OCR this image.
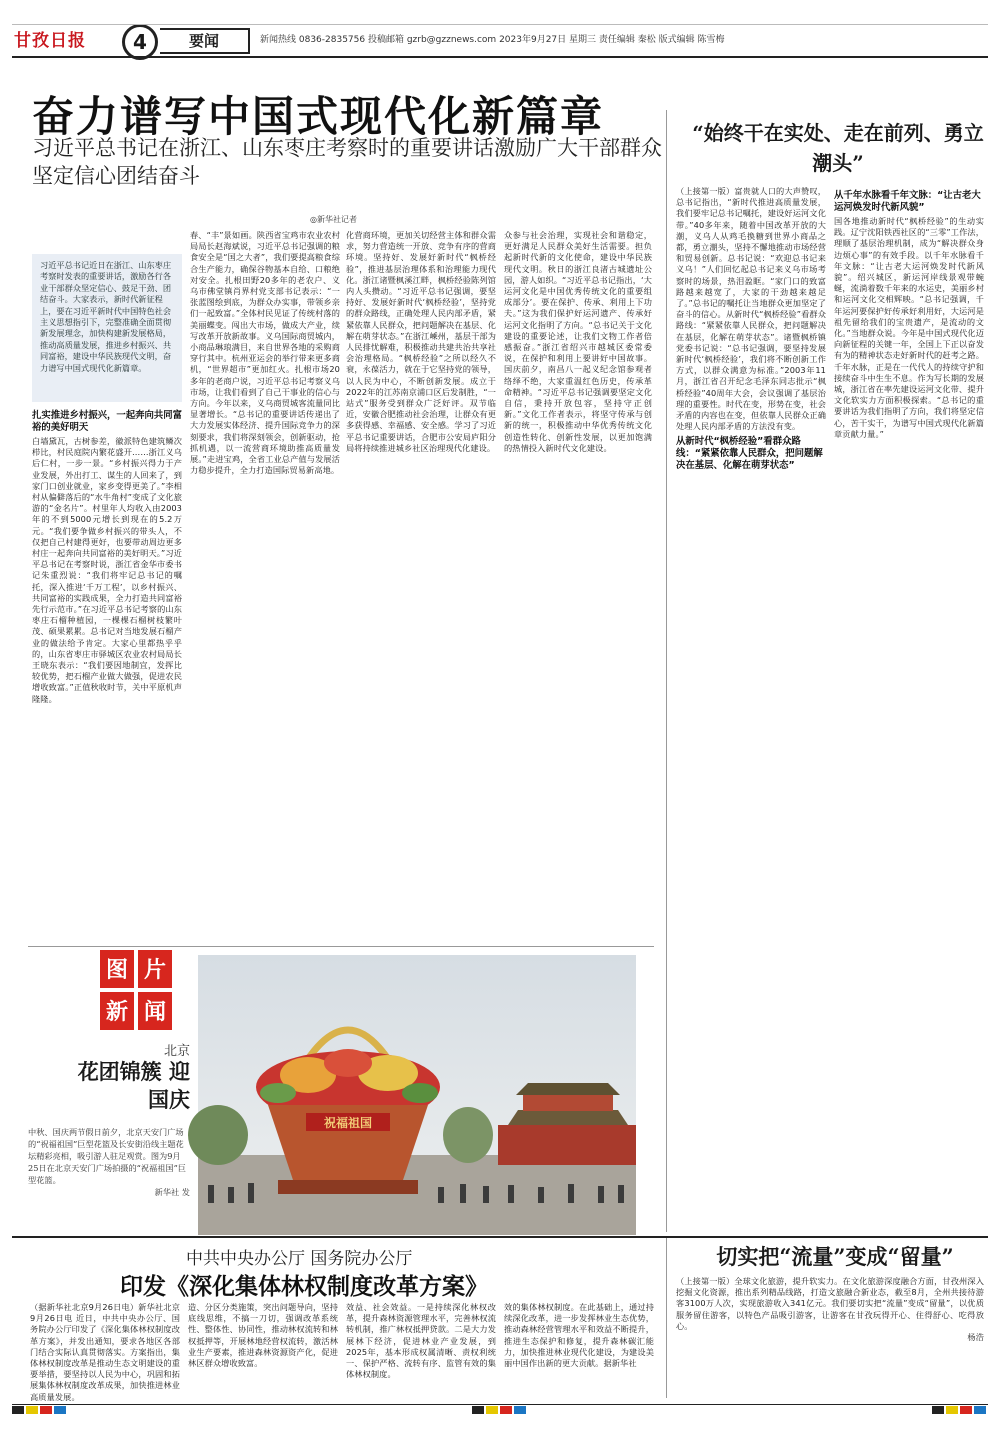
甘孜日报	4	要闻	新闻热线 0836-2835756 投稿邮箱 gzrb@gzznews.com 2023年9月27日 星期三 责任编辑 秦松 版式编辑 陈雪梅
奋力谱写中国式现代化新篇章
习近平总书记在浙江、山东枣庄考察时的重要讲话激励广大干部群众坚定信心团结奋斗
◎新华社记者
“始终干在实处、走在前列、勇立潮头”
习近平总书记近日在浙江、山东枣庄考察时发表的重要讲话，激励各行各业干部群众坚定信心、鼓足干劲、团结奋斗。大家表示，新时代新征程上，要在习近平新时代中国特色社会主义思想指引下，完整准确全面贯彻新发展理念，加快构建新发展格局，推动高质量发展，推进乡村振兴、共同富裕，建设中华民族现代文明，奋力谱写中国式现代化新篇章。
扎实推进乡村振兴，一起奔向共同富裕的美好明天
白墙黛瓦，古树参差，徽派特色建筑鳞次栉比，村民庭院内繁花盛开……浙江义乌后仁村，一步一景。“乡村振兴得力于产业发展，外出打工、谋生的人回来了，到家门口创业就业，家乡变得更美了。”李相村从偏僻落后的“水牛角村”变成了文化旅游的“金名片”。村里年人均收入由2003年的不到5000元增长到现在的5.2万元。“我们要争做乡村振兴的带头人，不仅把自己村建得更好，也要带动周边更多村庄一起奔向共同富裕的美好明天。”习近平总书记在考察时说，浙江省金华市委书记朱重烈说：“我们将牢记总书记的嘱托，深入推进‘千万工程’，以乡村振兴、共同富裕的实践成果，全力打造共同富裕先行示范市。”在习近平总书记考察的山东枣庄石榴种植园，一棵棵石榴树枝繁叶茂、硕果累累。总书记对当地发展石榴产业的做法给予肯定。大家心里都热乎乎的，山东省枣庄市驿城区农业农村局局长王晓东表示：“我们要因地制宜，发挥比较优势，把石榴产业做大做强，促进农民增收致富。”正值秋收时节，关中平原机声隆隆。
春、“丰”景如画。陕西省宝鸡市农业农村局局长赵海斌说，习近平总书记强调的粮食安全是“国之大者”，我们要提高粮食综合生产能力，确保谷物基本自给、口粮绝对安全。扎根田野20多年的老农户、义乌市佛堂镇肖界村党支部书记表示：“一张蓝图绘到底，为群众办实事，带领乡亲们一起致富。”全体村民见证了传统村落的美丽蝶变。闯出大市场，做成大产业，续写改革开放新故事。义乌国际商贸城内，小商品琳琅满目，来自世界各地的采购商穿行其中。杭州亚运会的举行带来更多商机，“世界超市”更加红火。扎根市场20多年的老商户说，习近平总书记考察义乌市场，让我们看到了自己干事业的信心与方向。今年以来，义乌商贸城客流量同比显著增长。“总书记的重要讲话传递出了大力发展实体经济、提升国际竞争力的深刻要求，我们将深刻领会，创新驱动，抢抓机遇，以一流营商环境助推高质量发展。”走进宝鸡，全省工业总产值与发展活力稳步提升，全力打造国际贸易新高地。
化营商环境，更加关切经营主体和群众需求，努力营造统一开放、竞争有序的营商环境。坚持好、发展好新时代“枫桥经验”，推进基层治理体系和治理能力现代化。浙江诸暨枫溪江畔，枫桥经验陈列馆内人头攒动。“习近平总书记强调，要坚持好、发展好新时代‘枫桥经验’，坚持党的群众路线，正确处理人民内部矛盾，紧紧依靠人民群众，把问题解决在基层、化解在萌芽状态。”在浙江嵊州，基层干部为人民排忧解难，积极推动共建共治共享社会治理格局。“枫桥经验”之所以经久不衰，永葆活力，就在于它坚持党的领导，以人民为中心，不断创新发展。成立于2022年的江苏南京浦口区后发制胜，“一站式”服务受到群众广泛好评。双节临近，安徽合肥推动社会治理，让群众有更多获得感、幸福感、安全感。学习了习近平总书记重要讲话，合肥市公安局庐阳分局将持续推进城乡社区治理现代化建设。
众参与社会治理，实现社会和谐稳定，更好满足人民群众美好生活需要。担负起新时代新的文化使命，建设中华民族现代文明。秋日的浙江良渚古城遗址公园，游人如织。“习近平总书记指出，‘大运河文化是中国优秀传统文化的重要组成部分’。要在保护、传承、利用上下功夫。”这为我们保护好运河遗产、传承好运河文化指明了方向。“总书记关于文化建设的重要论述，让我们文物工作者倍感振奋。”浙江省绍兴市越城区委常委说，在保护和利用上要讲好中国故事。国庆前夕，南昌八一起义纪念馆参观者络绎不绝，大家重温红色历史，传承革命精神。“习近平总书记强调要坚定文化自信，秉持开放包容，坚持守正创新。”文化工作者表示，将坚守传承与创新的统一，积极推动中华优秀传统文化创造性转化、创新性发展，以更加饱满的热情投入新时代文化建设。
（上接第一版）富贵就人口的大声赞叹，总书记指出，“新时代推进高质量发展，我们要牢记总书记嘱托，建设好运河文化带。”40多年来，随着中国改革开放的大潮，义乌人从鸡毛换糖到世界小商品之都，勇立潮头，坚持不懈地推动市场经营和贸易创新。总书记说：“欢迎总书记来义乌！”人们回忆起总书记来义乌市场考察时的场景，热泪盈眶。“家门口的致富路越来越宽了，大家的干劲越来越足了。”总书记的嘱托让当地群众更加坚定了奋斗的信心。从新时代“枫桥经验”看群众路线：“紧紧依靠人民群众，把问题解决在基层，化解在萌芽状态”。诸暨枫桥镇党委书记说：“总书记强调，要坚持发展新时代‘枫桥经验’，我们将不断创新工作方式，以群众满意为标准。”2003年11月，浙江省召开纪念毛泽东同志批示“枫桥经验”40周年大会，会议强调了基层治理的重要性。时代在变，形势在变，社会矛盾的内容也在变，但依靠人民群众正确处理人民内部矛盾的方法没有变。
从新时代“枫桥经验”看群众路线：“紧紧依靠人民群众，把问题解决在基层、化解在萌芽状态”
从千年水脉看千年文脉：“让古老大运河焕发时代新风貌”
国各地推动新时代“枫桥经验”的生动实践。辽宁沈阳铁西社区的“三零”工作法，理顺了基层治理机制，成为“解决群众身边烦心事”的有效手段。以千年水脉看千年文脉：“让古老大运河焕发时代新风貌”。绍兴城区，新运河岸线景观带蜿蜒，流淌着数千年来的水运史，美丽乡村和运河文化交相辉映。“总书记强调，千年运河要保护好传承好利用好，大运河是祖先留给我们的宝贵遗产，是流动的文化。”当地群众说。今年是中国式现代化迈向新征程的关键一年，全国上下正以奋发有为的精神状态走好新时代的赶考之路。千年水脉，正是在一代代人的持续守护和接续奋斗中生生不息。作为写长期的发展城，浙江省在率先建设运河文化带、提升文化软实力方面积极探索。“总书记的重要讲话为我们指明了方向，我们将坚定信心，苦干实干，为谱写中国式现代化新篇章贡献力量。”
图 片
新 闻
北京
花团锦簇 迎国庆
中秋、国庆两节假日前夕，北京天安门广场的“祝福祖国”巨型花篮及长安街沿线主题花坛精彩亮相，吸引游人驻足观赏。图为9月25日在北京天安门广场拍摄的“祝福祖国”巨型花篮。

新华社 发
祝福祖国
中共中央办公厅 国务院办公厅
印发《深化集体林权制度改革方案》
（据新华社北京9月26日电）新华社北京9月26日电 近日，中共中央办公厅、国务院办公厅印发了《深化集体林权制度改革方案》，并发出通知，要求各地区各部门结合实际认真贯彻落实。方案指出，集体林权制度改革是推动生态文明建设的重要举措，要坚持以人民为中心，巩固和拓展集体林权制度改革成果，加快推进林业高质量发展。
造、分区分类施策，突出问题导向，坚持底线思维，不搞一刀切，强调改革系统性、整体性、协同性，推动林权流转和林权抵押等，开展林地经营权流转，激活林业生产要素，推进森林资源资产化，促进林区群众增收致富。
效益、社会效益。一是持续深化林权改革，提升森林资源管理水平，完善林权流转机制，推广林权抵押贷款。二是大力发展林下经济，促进林业产业发展，到2025年，基本形成权属清晰、责权利统一、保护严格、流转有序、监管有效的集体林权制度。
效的集体林权制度。在此基础上，通过持续深化改革，进一步发挥林业生态优势，推动森林经营管理水平和效益不断提升，推进生态保护和修复，提升森林碳汇能力，加快推进林业现代化建设，为建设美丽中国作出新的更大贡献。据新华社
切实把“流量”变成“留量”
（上接第一版）全球文化旅游，提升软实力。在文化旅游深度融合方面，甘孜州深入挖掘文化资源，推出系列精品线路，打造文旅融合新业态，截至8月，全州共接待游客3100万人次，实现旅游收入341亿元。我们要切实把“流量”变成“留量”，以优质服务留住游客，以特色产品吸引游客，让游客在甘孜玩得开心、住得舒心、吃得放心。
杨浩
